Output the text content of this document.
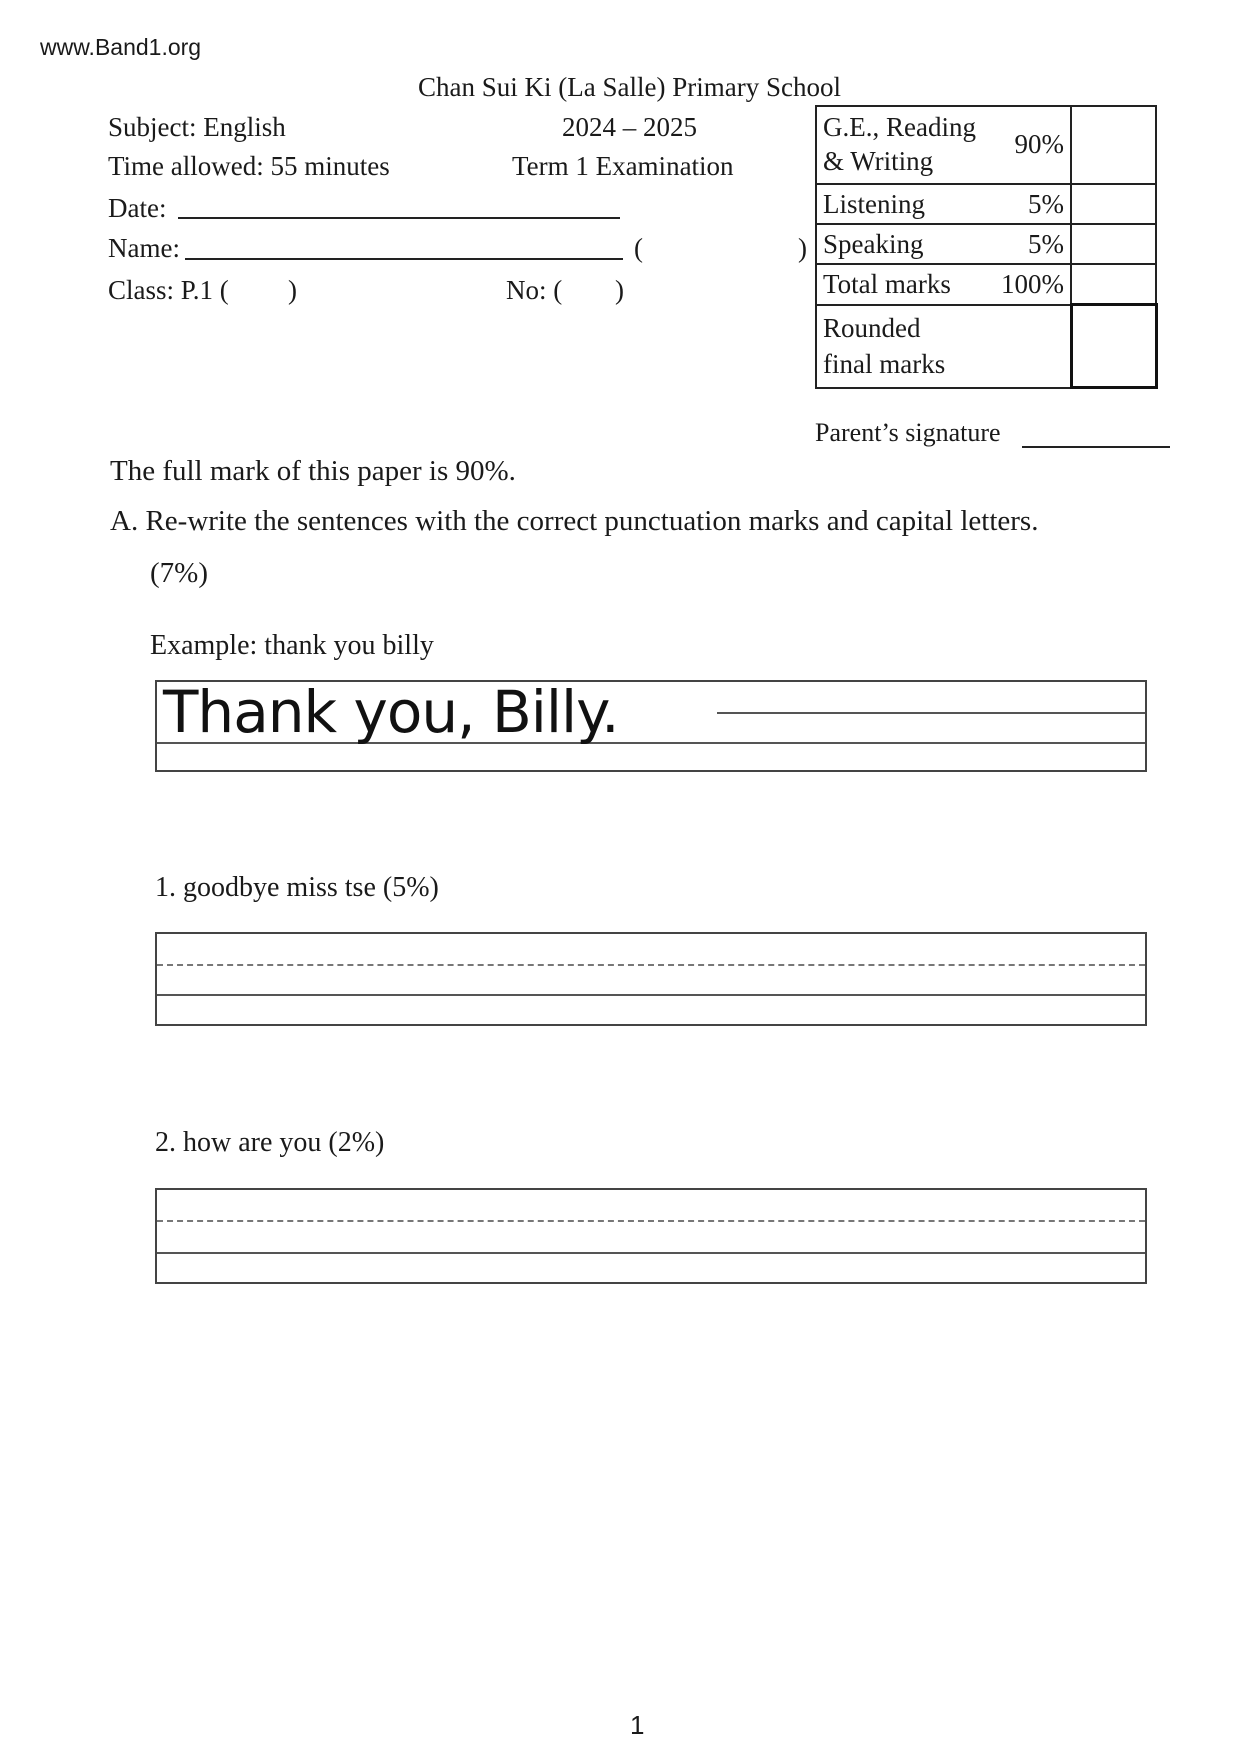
www.Band1.org
Chan Sui Ki (La Salle) Primary School
2024 – 2025
Term 1 Examination
Subject: English
Time allowed: 55 minutes
Date:
Name:	(	)
Class: P.1 ( )	No: ( )
G.E., Reading
& Writing	90%	
Listening	5%	
Speaking	5%	
Total marks	100%	

Rounded
final marks		

Parent’s signature
The full mark of this paper is 90%.
A. Re-write the sentences with the correct punctuation marks and capital letters.
(7%)
Example: thank you billy
Thank you, Billy.
1. goodbye miss tse (5%)
2. how are you (2%)
1
